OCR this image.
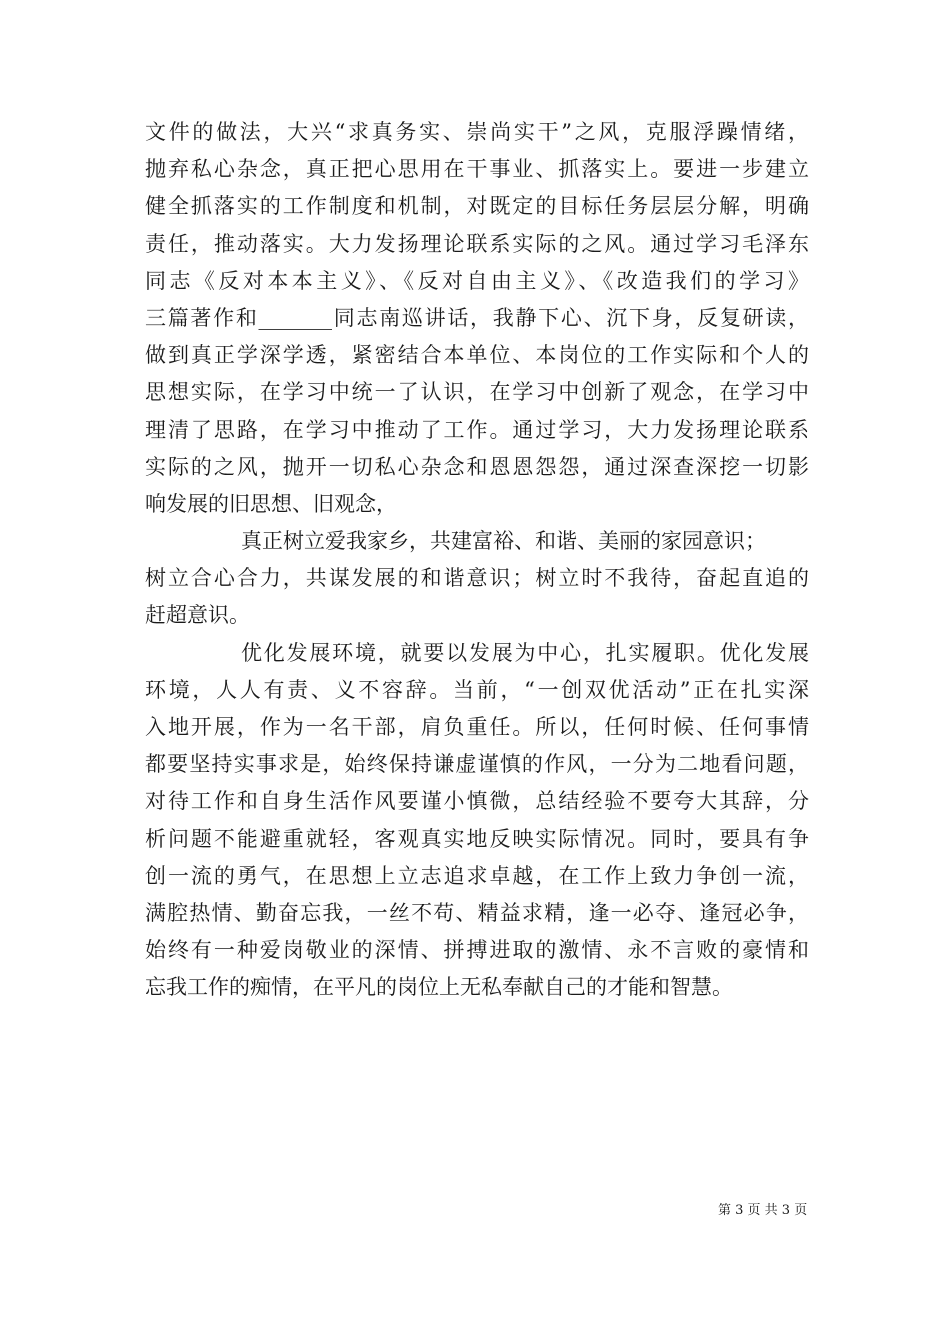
文件的做法，大兴“求真务实、崇尚实干”之风，克服浮躁情绪，
抛弃私心杂念，真正把心思用在干事业、抓落实上。要进一步建立
健全抓落实的工作制度和机制，对既定的目标任务层层分解，明确
责任，推动落实。大力发扬理论联系实际的之风。通过学习毛泽东
同志《反对本本主义》、《反对自由主义》、《改造我们的学习》
三篇著作和_______同志南巡讲话，我静下心、沉下身，反复研读，
做到真正学深学透，紧密结合本单位、本岗位的工作实际和个人的
思想实际，在学习中统一了认识，在学习中创新了观念，在学习中
理清了思路，在学习中推动了工作。通过学习，大力发扬理论联系
实际的之风，抛开一切私心杂念和恩恩怨怨，通过深查深挖一切影
响发展的旧思想、旧观念，
真正树立爱我家乡，共建富裕、和谐、美丽的家园意识；
树立合心合力，共谋发展的和谐意识；树立时不我待，奋起直追的
赶超意识。
优化发展环境，就要以发展为中心，扎实履职。优化发展
环境，人人有责、义不容辞。当前，“一创双优活动”正在扎实深
入地开展，作为一名干部，肩负重任。所以，任何时候、任何事情
都要坚持实事求是，始终保持谦虚谨慎的作风，一分为二地看问题，
对待工作和自身生活作风要谨小慎微，总结经验不要夸大其辞，分
析问题不能避重就轻，客观真实地反映实际情况。同时，要具有争
创一流的勇气，在思想上立志追求卓越，在工作上致力争创一流，
满腔热情、勤奋忘我，一丝不苟、精益求精，逢一必夺、逢冠必争，
始终有一种爱岗敬业的深情、拼搏进取的激情、永不言败的豪情和
忘我工作的痴情，在平凡的岗位上无私奉献自己的才能和智慧。
第 3 页 共 3 页
